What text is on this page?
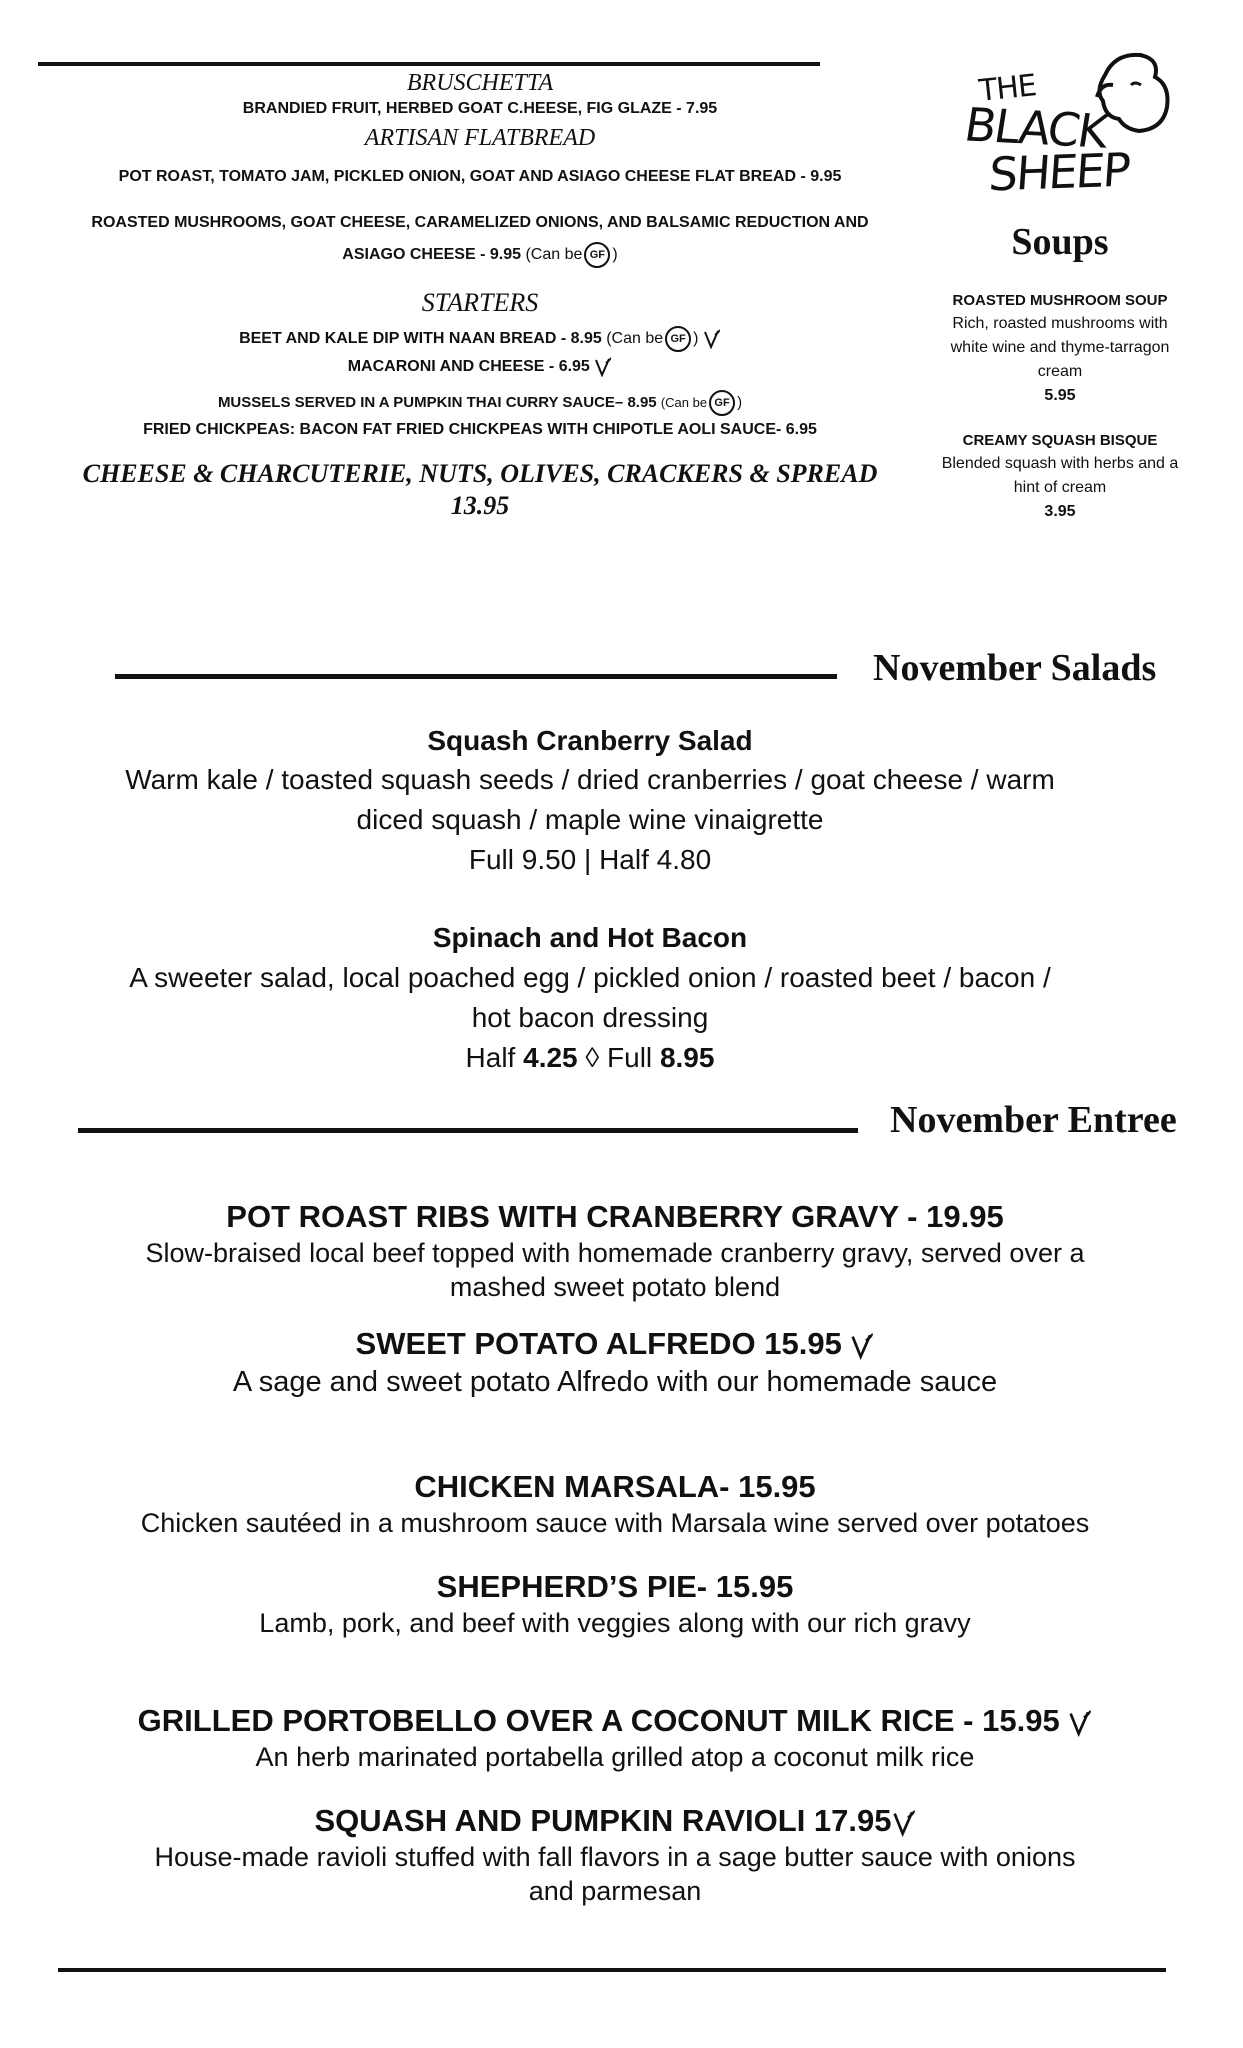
BRUSCHETTA
BRANDIED FRUIT, HERBED GOAT C.HEESE, FIG GLAZE - 7.95
ARTISAN FLATBREAD
POT ROAST, TOMATO JAM, PICKLED ONION, GOAT AND ASIAGO CHEESE FLAT BREAD - 9.95
ROASTED MUSHROOMS, GOAT CHEESE, CARAMELIZED ONIONS, AND BALSAMIC REDUCTION AND
ASIAGO CHEESE - 9.95 (Can be GF )
STARTERS
BEET AND KALE DIP WITH NAAN BREAD - 8.95 (Can be GF )
MACARONI AND CHEESE - 6.95
MUSSELS SERVED IN A PUMPKIN THAI CURRY SAUCE– 8.95 (Can be GF )
FRIED CHICKPEAS: BACON FAT FRIED CHICKPEAS WITH CHIPOTLE AOLI SAUCE- 6.95
CHEESE & CHARCUTERIE, NUTS, OLIVES, CRACKERS & SPREAD
13.95
THE
BLACK
SHEEP
Soups
ROASTED MUSHROOM SOUP
Rich, roasted mushrooms with
white wine and thyme-tarragon
cream
5.95
CREAMY SQUASH BISQUE
Blended squash with herbs and a
hint of cream
3.95
November Salads
Squash Cranberry Salad
Warm kale / toasted squash seeds / dried cranberries / goat cheese / warm
diced squash / maple wine vinaigrette
Full 9.50 | Half 4.80
Spinach and Hot Bacon
A sweeter salad, local poached egg / pickled onion / roasted beet / bacon /
hot bacon dressing
Half 4.25 ◊ Full 8.95
November Entree
POT ROAST RIBS WITH CRANBERRY GRAVY - 19.95
Slow-braised local beef topped with homemade cranberry gravy, served over a
mashed sweet potato blend
SWEET POTATO ALFREDO 15.95
A sage and sweet potato Alfredo with our homemade sauce
CHICKEN MARSALA- 15.95
Chicken sautéed in a mushroom sauce with Marsala wine served over potatoes
SHEPHERD’S PIE- 15.95
Lamb, pork, and beef with veggies along with our rich gravy
GRILLED PORTOBELLO OVER A COCONUT MILK RICE - 15.95
An herb marinated portabella grilled atop a coconut milk rice
SQUASH AND PUMPKIN RAVIOLI 17.95
House-made ravioli stuffed with fall flavors in a sage butter sauce with onions
and parmesan
